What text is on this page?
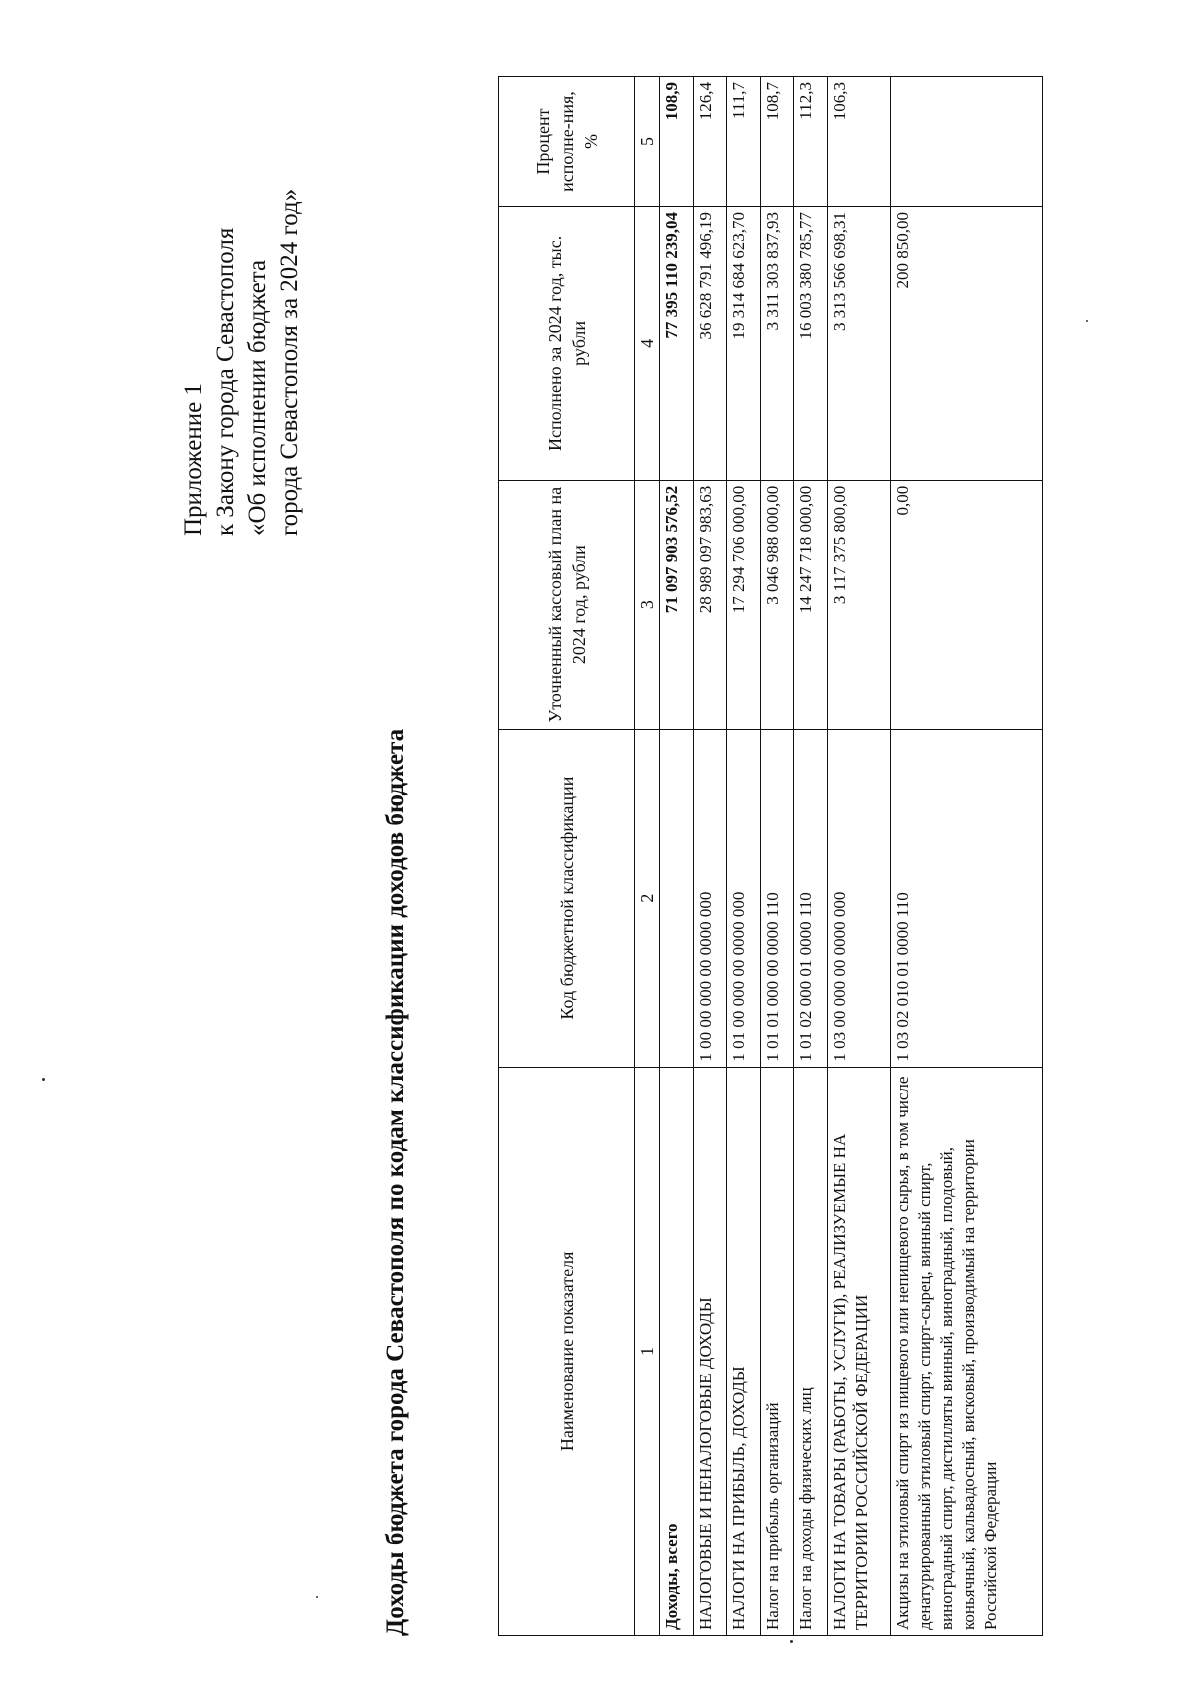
Приложение 1 к Закону города Севастополя «Об исполнении бюджета города Севастополя за 2024 год»
Доходы бюджета города Севастополя по кодам классификации доходов бюджета	Наименование показателя	Код бюджетной классификации	Уточненный кассовый план на 2024 год, рубли	Исполнено за 2024 год, тыс. рубли	Процент исполне-ния, %
1	2	3	4	5
Доходы, всего		71 097 903 576,52	77 395 110 239,04	108,9
НАЛОГОВЫЕ И НЕНАЛОГОВЫЕ ДОХОДЫ	1 00 00 000 00 0000 000	28 989 097 983,63	36 628 791 496,19	126,4
НАЛОГИ НА ПРИБЫЛЬ, ДОХОДЫ	1 01 00 000 00 0000 000	17 294 706 000,00	19 314 684 623,70	111,7
Налог на прибыль организаций	1 01 01 000 00 0000 110	3 046 988 000,00	3 311 303 837,93	108,7
Налог на доходы физических лиц	1 01 02 000 01 0000 110	14 247 718 000,00	16 003 380 785,77	112,3
НАЛОГИ НА ТОВАРЫ (РАБОТЫ, УСЛУГИ), РЕАЛИЗУЕМЫЕ НА ТЕРРИТОРИИ РОССИЙСКОЙ ФЕДЕРАЦИИ	1 03 00 000 00 0000 000	3 117 375 800,00	3 313 566 698,31	106,3
Акцизы на этиловый спирт из пищевого или непищевого сырья, в том числе денатурированный этиловый спирт, спирт-сырец, винный спирт, виноградный спирт, дистилляты винный, виноградный, плодовый, коньячный, кальвадосный, висковый, производимый на территории Российской Федерации	1 03 02 010 01 0000 110	0,00	200 850,00	
